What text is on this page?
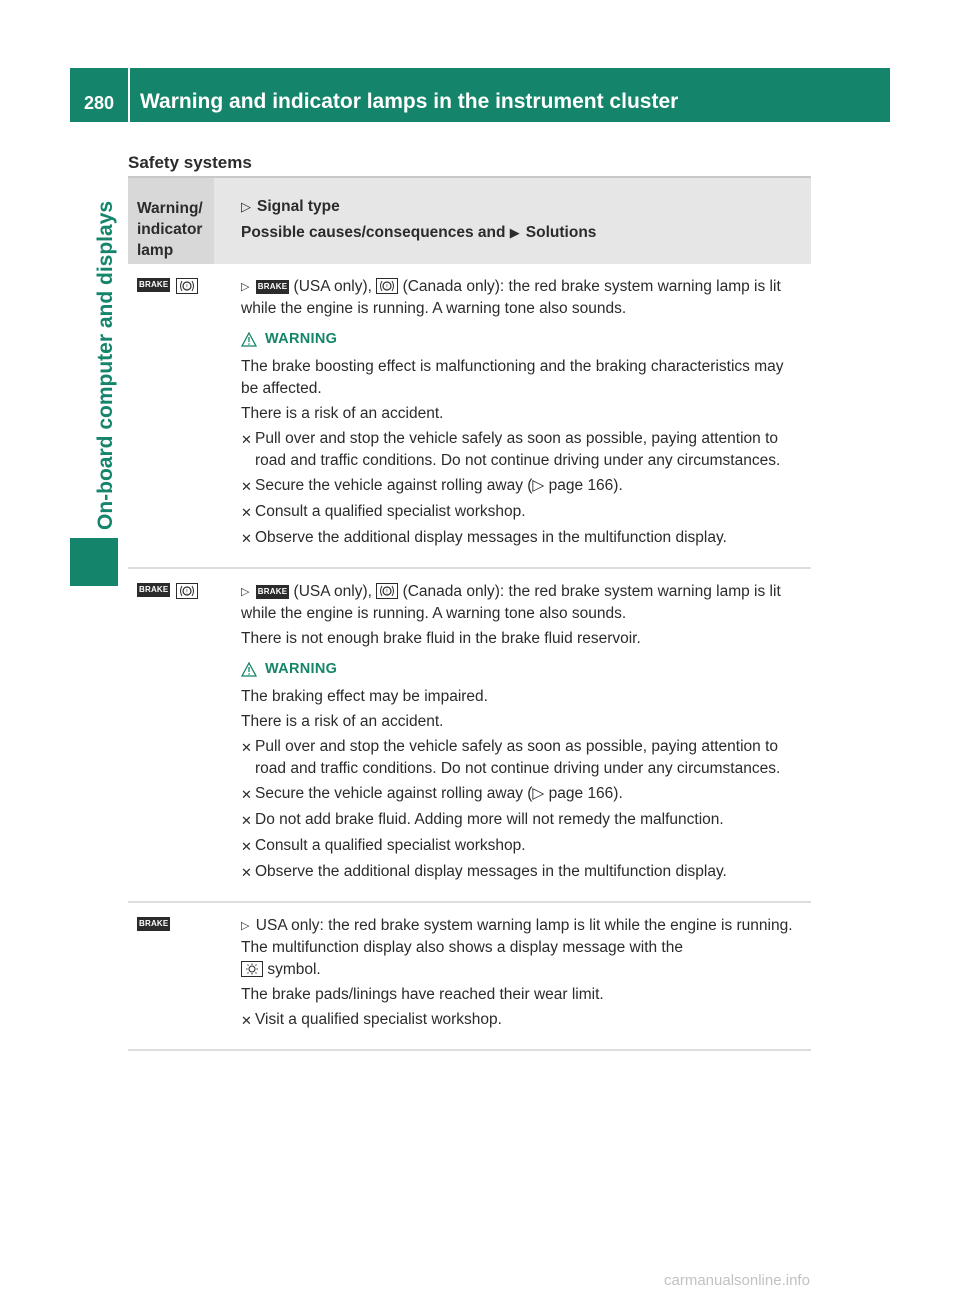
280 Warning and indicator lamps in the instrument cluster
On-board computer and displays
Safety systems
Warning/ indicator lamp
▷ Signal type
Possible causes/consequences and ▶ Solutions
BRAKE	!	▷ BRAKE (USA only), ! (Canada only): the red brake system warning lamp is lit while the engine is running. A warning tone also sounds.
WARNING
The brake boosting effect is malfunctioning and the braking characteristics may be affected.
There is a risk of an accident.
✕ Pull over and stop the vehicle safely as soon as possible, paying attention to road and traffic conditions. Do not continue driving under any circumstances.
✕ Secure the vehicle against rolling away (▷ page 166).
✕ Consult a qualified specialist workshop.
✕ Observe the additional display messages in the multifunction display.
BRAKE	!	▷ BRAKE (USA only), ! (Canada only): the red brake system warning lamp is lit while the engine is running. A warning tone also sounds.
There is not enough brake fluid in the brake fluid reservoir.
WARNING
The braking effect may be impaired.
There is a risk of an accident.
✕ Pull over and stop the vehicle safely as soon as possible, paying attention to road and traffic conditions. Do not continue driving under any circumstances.
✕ Secure the vehicle against rolling away (▷ page 166).
✕ Do not add brake fluid. Adding more will not remedy the malfunction.
✕ Consult a qualified specialist workshop.
✕ Observe the additional display messages in the multifunction display.
BRAKE	▷ USA only: the red brake system warning lamp is lit while the engine is running. The multifunction display also shows a display message with the

symbol.
The brake pads/linings have reached their wear limit.
✕ Visit a qualified specialist workshop.
carmanualsonline.info
